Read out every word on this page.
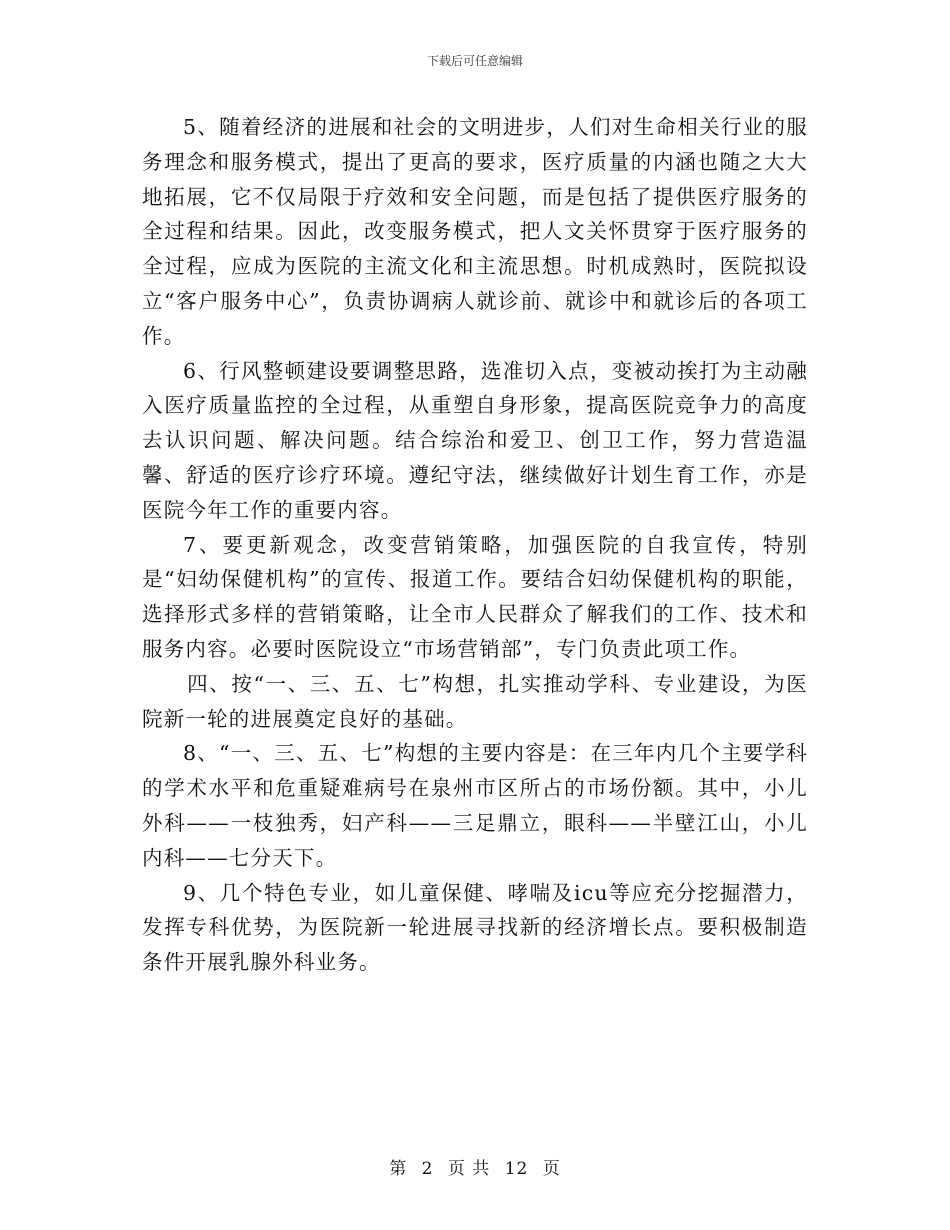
下载后可任意编辑

5、随着经济的进展和社会的文明进步，人们对生命相关行业的服务理念和服务模式，提出了更高的要求，医疗质量的内涵也随之大大地拓展，它不仅局限于疗效和安全问题，而是包括了提供医疗服务的全过程和结果。因此，改变服务模式，把人文关怀贯穿于医疗服务的全过程，应成为医院的主流文化和主流思想。时机成熟时，医院拟设立“客户服务中心”，负责协调病人就诊前、就诊中和就诊后的各项工作。

6、行风整顿建设要调整思路，选准切入点，变被动挨打为主动融入医疗质量监控的全过程，从重塑自身形象，提高医院竞争力的高度去认识问题、解决问题。结合综治和爱卫、创卫工作，努力营造温馨、舒适的医疗诊疗环境。遵纪守法，继续做好计划生育工作，亦是医院今年工作的重要内容。

7、要更新观念，改变营销策略，加强医院的自我宣传，特别是“妇幼保健机构”的宣传、报道工作。要结合妇幼保健机构的职能，选择形式多样的营销策略，让全市人民群众了解我们的工作、技术和服务内容。必要时医院设立“市场营销部”，专门负责此项工作。

四、按“一、三、五、七”构想，扎实推动学科、专业建设，为医院新一轮的进展奠定良好的基础。

8、“一、三、五、七”构想的主要内容是：在三年内几个主要学科的学术水平和危重疑难病号在泉州市区所占的市场份额。其中，小儿外科——一枝独秀，妇产科——三足鼎立，眼科——半壁江山，小儿内科——七分天下。

9、几个特色专业，如儿童保健、哮喘及icu等应充分挖掘潜力，发挥专科优势，为医院新一轮进展寻找新的经济增长点。要积极制造条件开展乳腺外科业务。

第 2 页 共 12 页
